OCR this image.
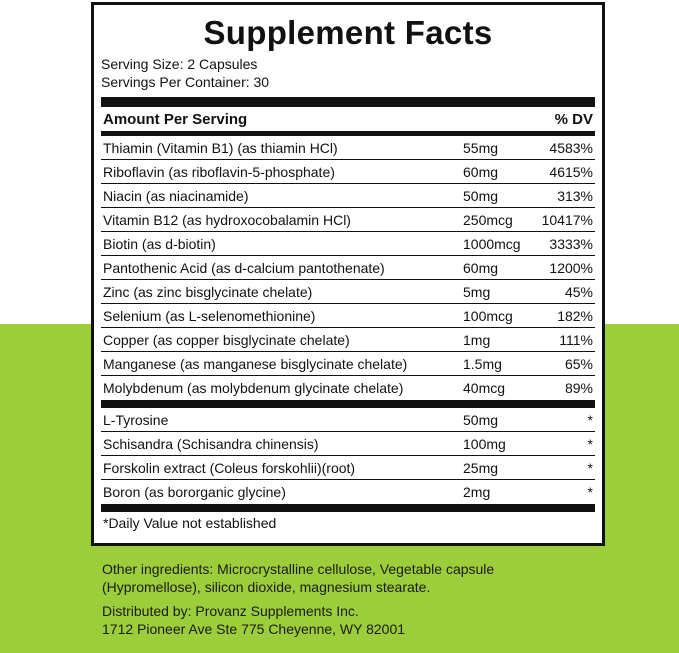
Supplement Facts
Serving Size: 2 Capsules
Servings Per Container: 30
Amount Per Serving	% DV
Thiamin (Vitamin B1) (as thiamin HCl)	55mg	4583%
Riboflavin (as riboflavin-5-phosphate)	60mg	4615%
Niacin (as niacinamide)	50mg	313%
Vitamin B12 (as hydroxocobalamin HCl)	250mcg	10417%
Biotin (as d-biotin)	1000mcg	3333%
Pantothenic Acid (as d-calcium pantothenate)	60mg	1200%
Zinc (as zinc bisglycinate chelate)	5mg	45%
Selenium (as L-selenomethionine)	100mcg	182%
Copper (as copper bisglycinate chelate)	1mg	111%
Manganese (as manganese bisglycinate chelate)	1.5mg	65%
Molybdenum (as molybdenum glycinate chelate)	40mcg	89%
L-Tyrosine	50mg	*
Schisandra (Schisandra chinensis)	100mg	*
Forskolin extract (Coleus forskohlii)(root)	25mg	*
Boron (as bororganic glycine)	2mg	*
*Daily Value not established

Other ingredients: Microcrystalline cellulose, Vegetable capsule
(Hypromellose), silicon dioxide, magnesium stearate.

Distributed by: Provanz Supplements Inc.
1712 Pioneer Ave Ste 775 Cheyenne, WY 82001
